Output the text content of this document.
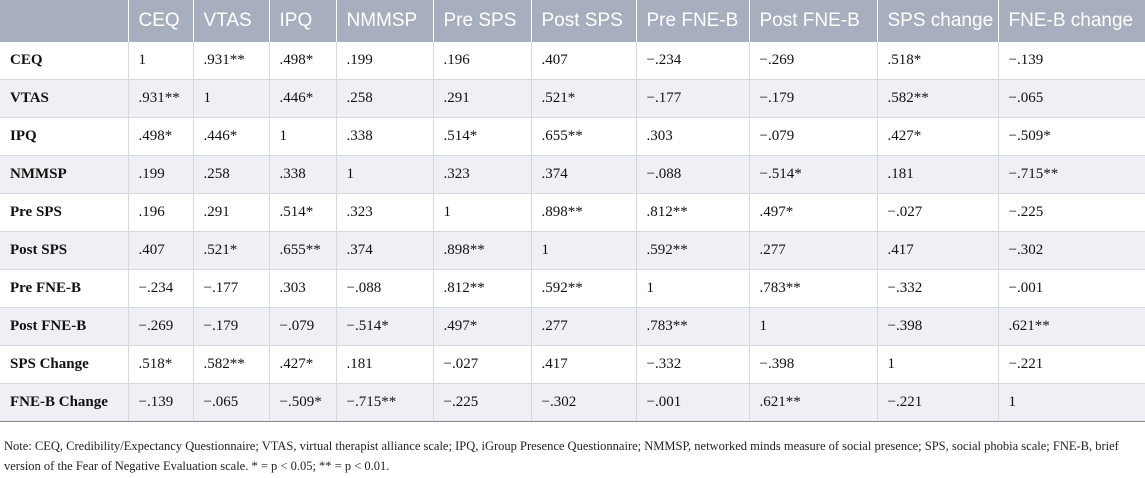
	CEQ	VTAS	IPQ	NMMSP	Pre SPS	Post SPS	Pre FNE-B	Post FNE-B	SPS change	FNE-B change
CEQ	1	.931**	.498*	.199	.196	.407	−.234	−.269	.518*	−.139
VTAS	.931**	1	.446*	.258	.291	.521*	−.177	−.179	.582**	−.065
IPQ	.498*	.446*	1	.338	.514*	.655**	.303	−.079	.427*	−.509*
NMMSP	.199	.258	.338	1	.323	.374	−.088	−.514*	.181	−.715**
Pre SPS	.196	.291	.514*	.323	1	.898**	.812**	.497*	−.027	−.225
Post SPS	.407	.521*	.655**	.374	.898**	1	.592**	.277	.417	−.302
Pre FNE-B	−.234	−.177	.303	−.088	.812**	.592**	1	.783**	−.332	−.001
Post FNE-B	−.269	−.179	−.079	−.514*	.497*	.277	.783**	1	−.398	.621**
SPS Change	.518*	.582**	.427*	.181	−.027	.417	−.332	−.398	1	−.221
FNE-B Change	−.139	−.065	−.509*	−.715**	−.225	−.302	−.001	.621**	−.221	1

Note: CEQ, Credibility/Expectancy Questionnaire; VTAS, virtual therapist alliance scale; IPQ, iGroup Presence Questionnaire; NMMSP, networked minds measure of social presence; SPS, social phobia scale; FNE-B, brief version of the Fear of Negative Evaluation scale. * = p < 0.05; ** = p < 0.01.
